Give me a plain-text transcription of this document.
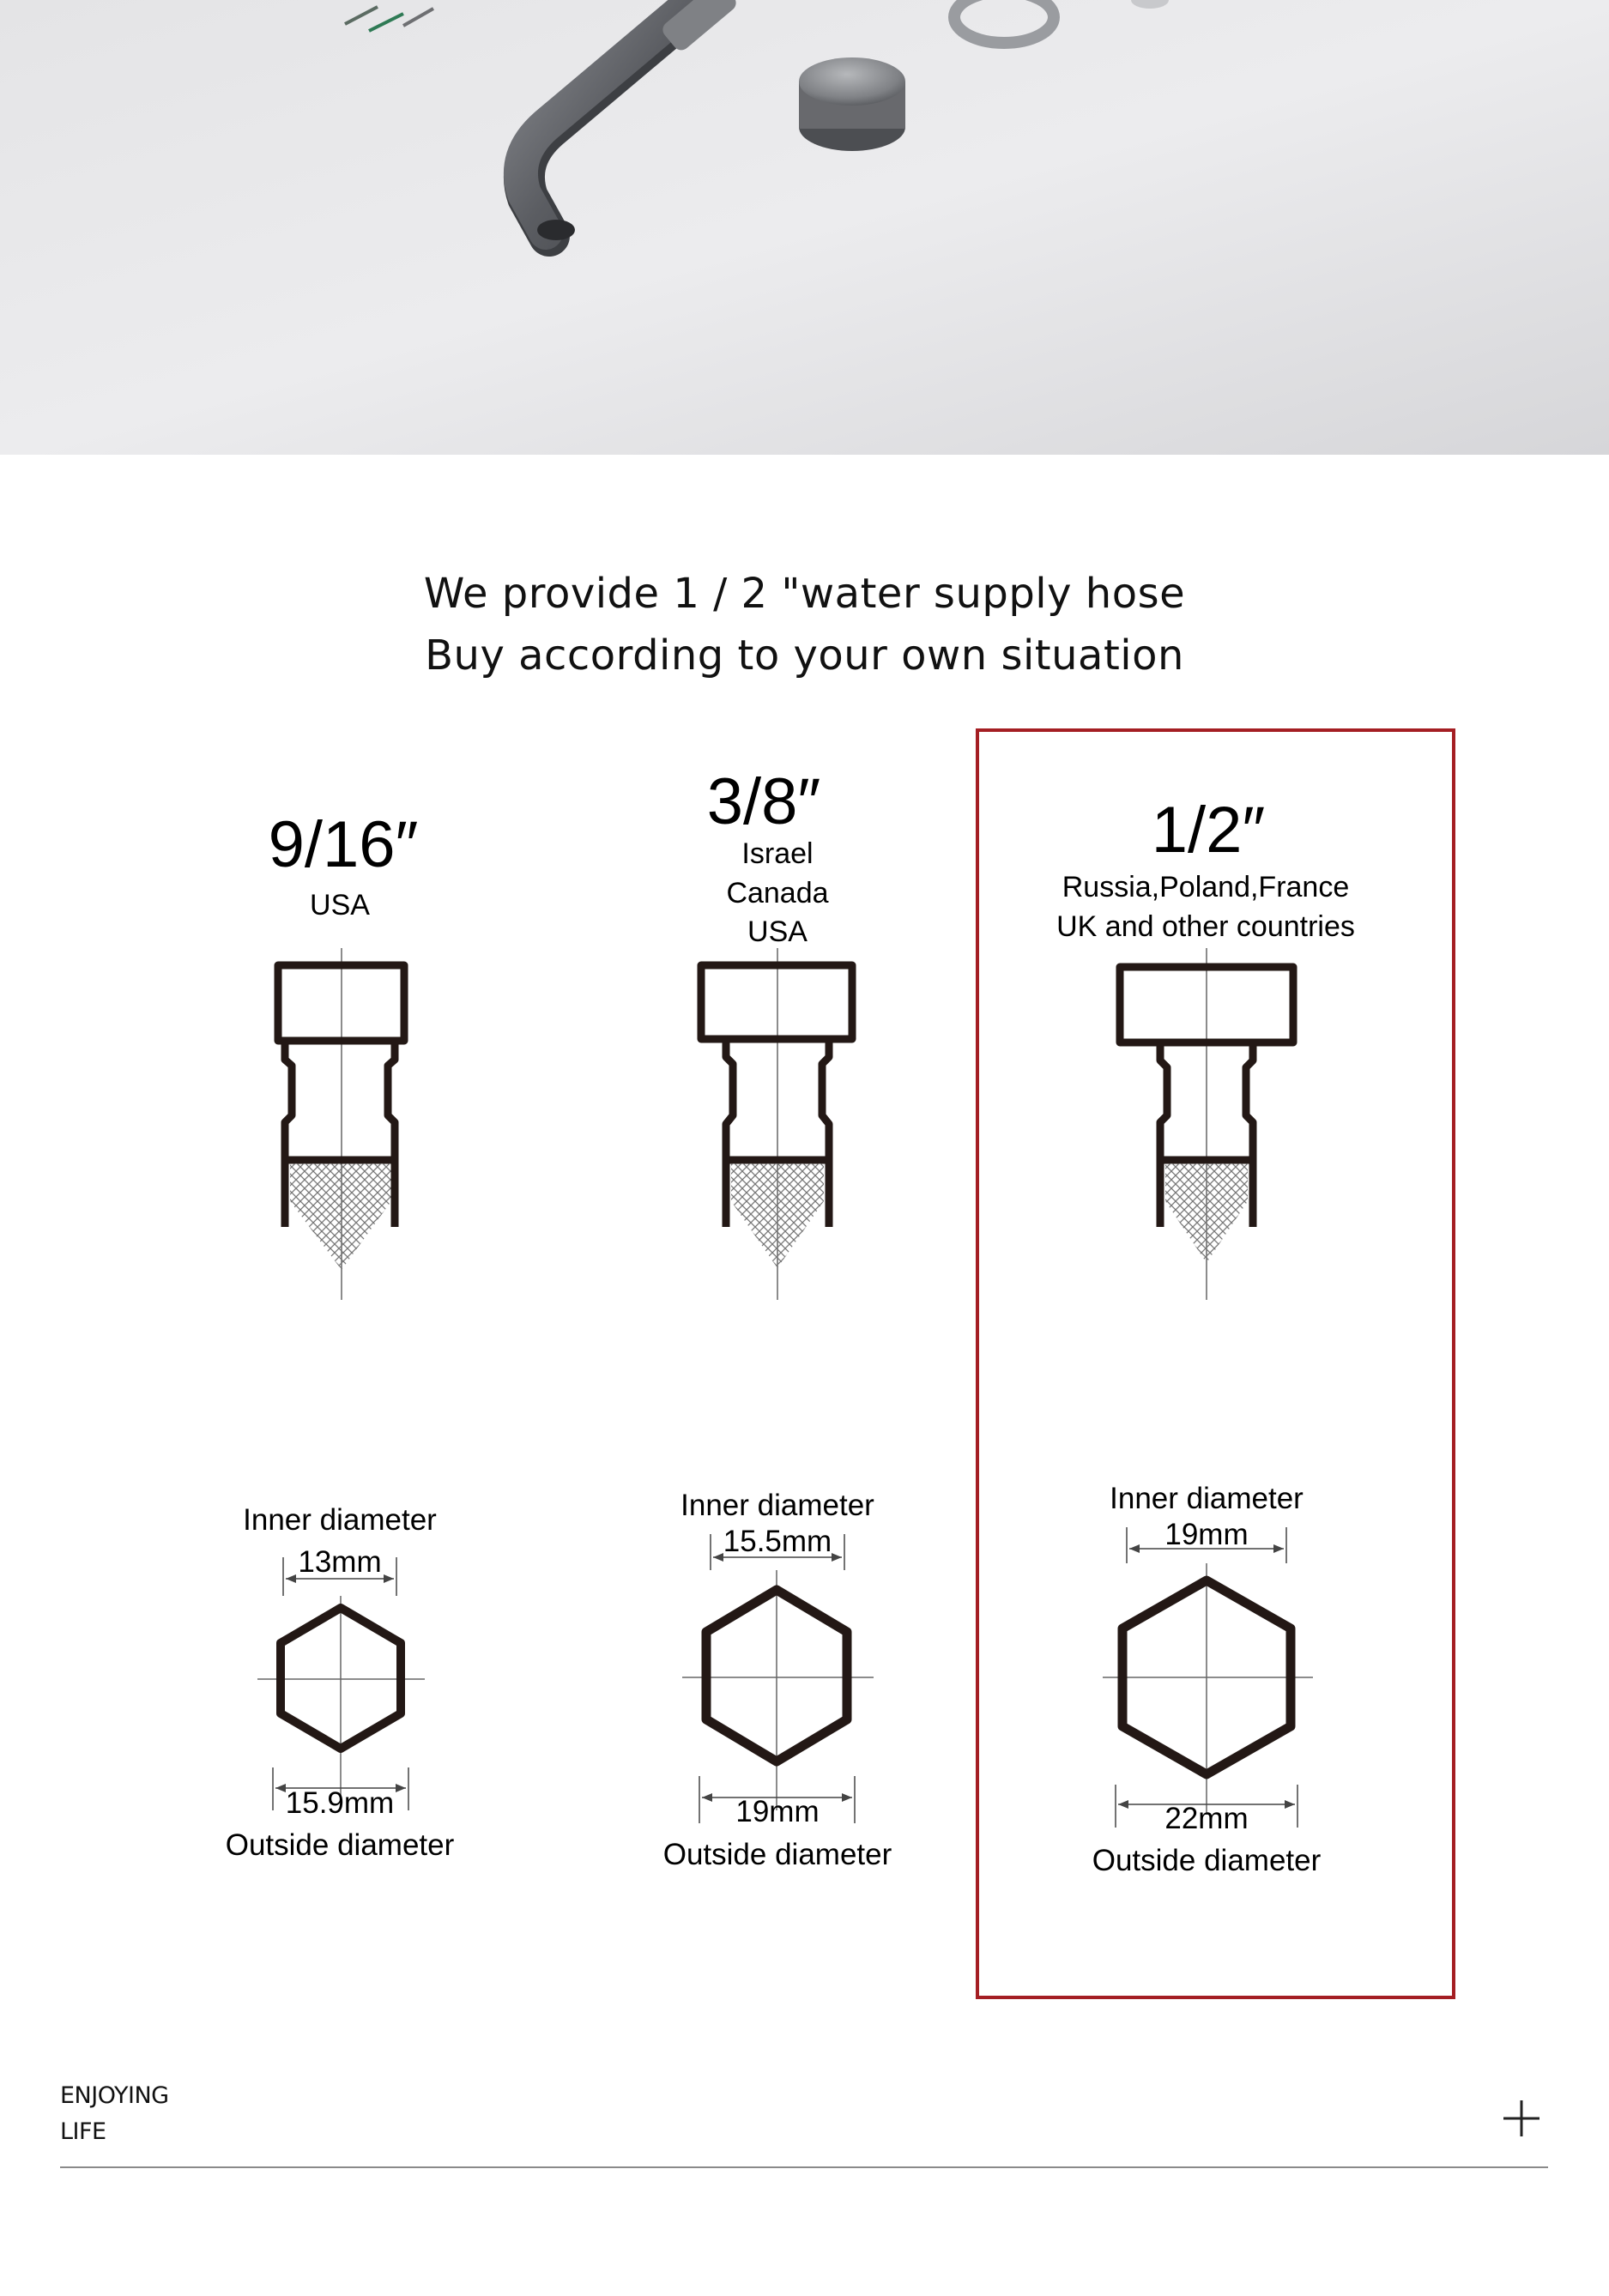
We provide 1 / 2 "water supply hose
Buy according to your own situation
9/16″
USA
Inner diameter
13mm
15.9mm
Outside diameter
3/8″
Israel
Canada
USA
Inner diameter
15.5mm
19mm
Outside diameter
1/2″
Russia,Poland,France
UK and other countries
Inner diameter
19mm
22mm
Outside diameter
ENJOYING
LIFE
